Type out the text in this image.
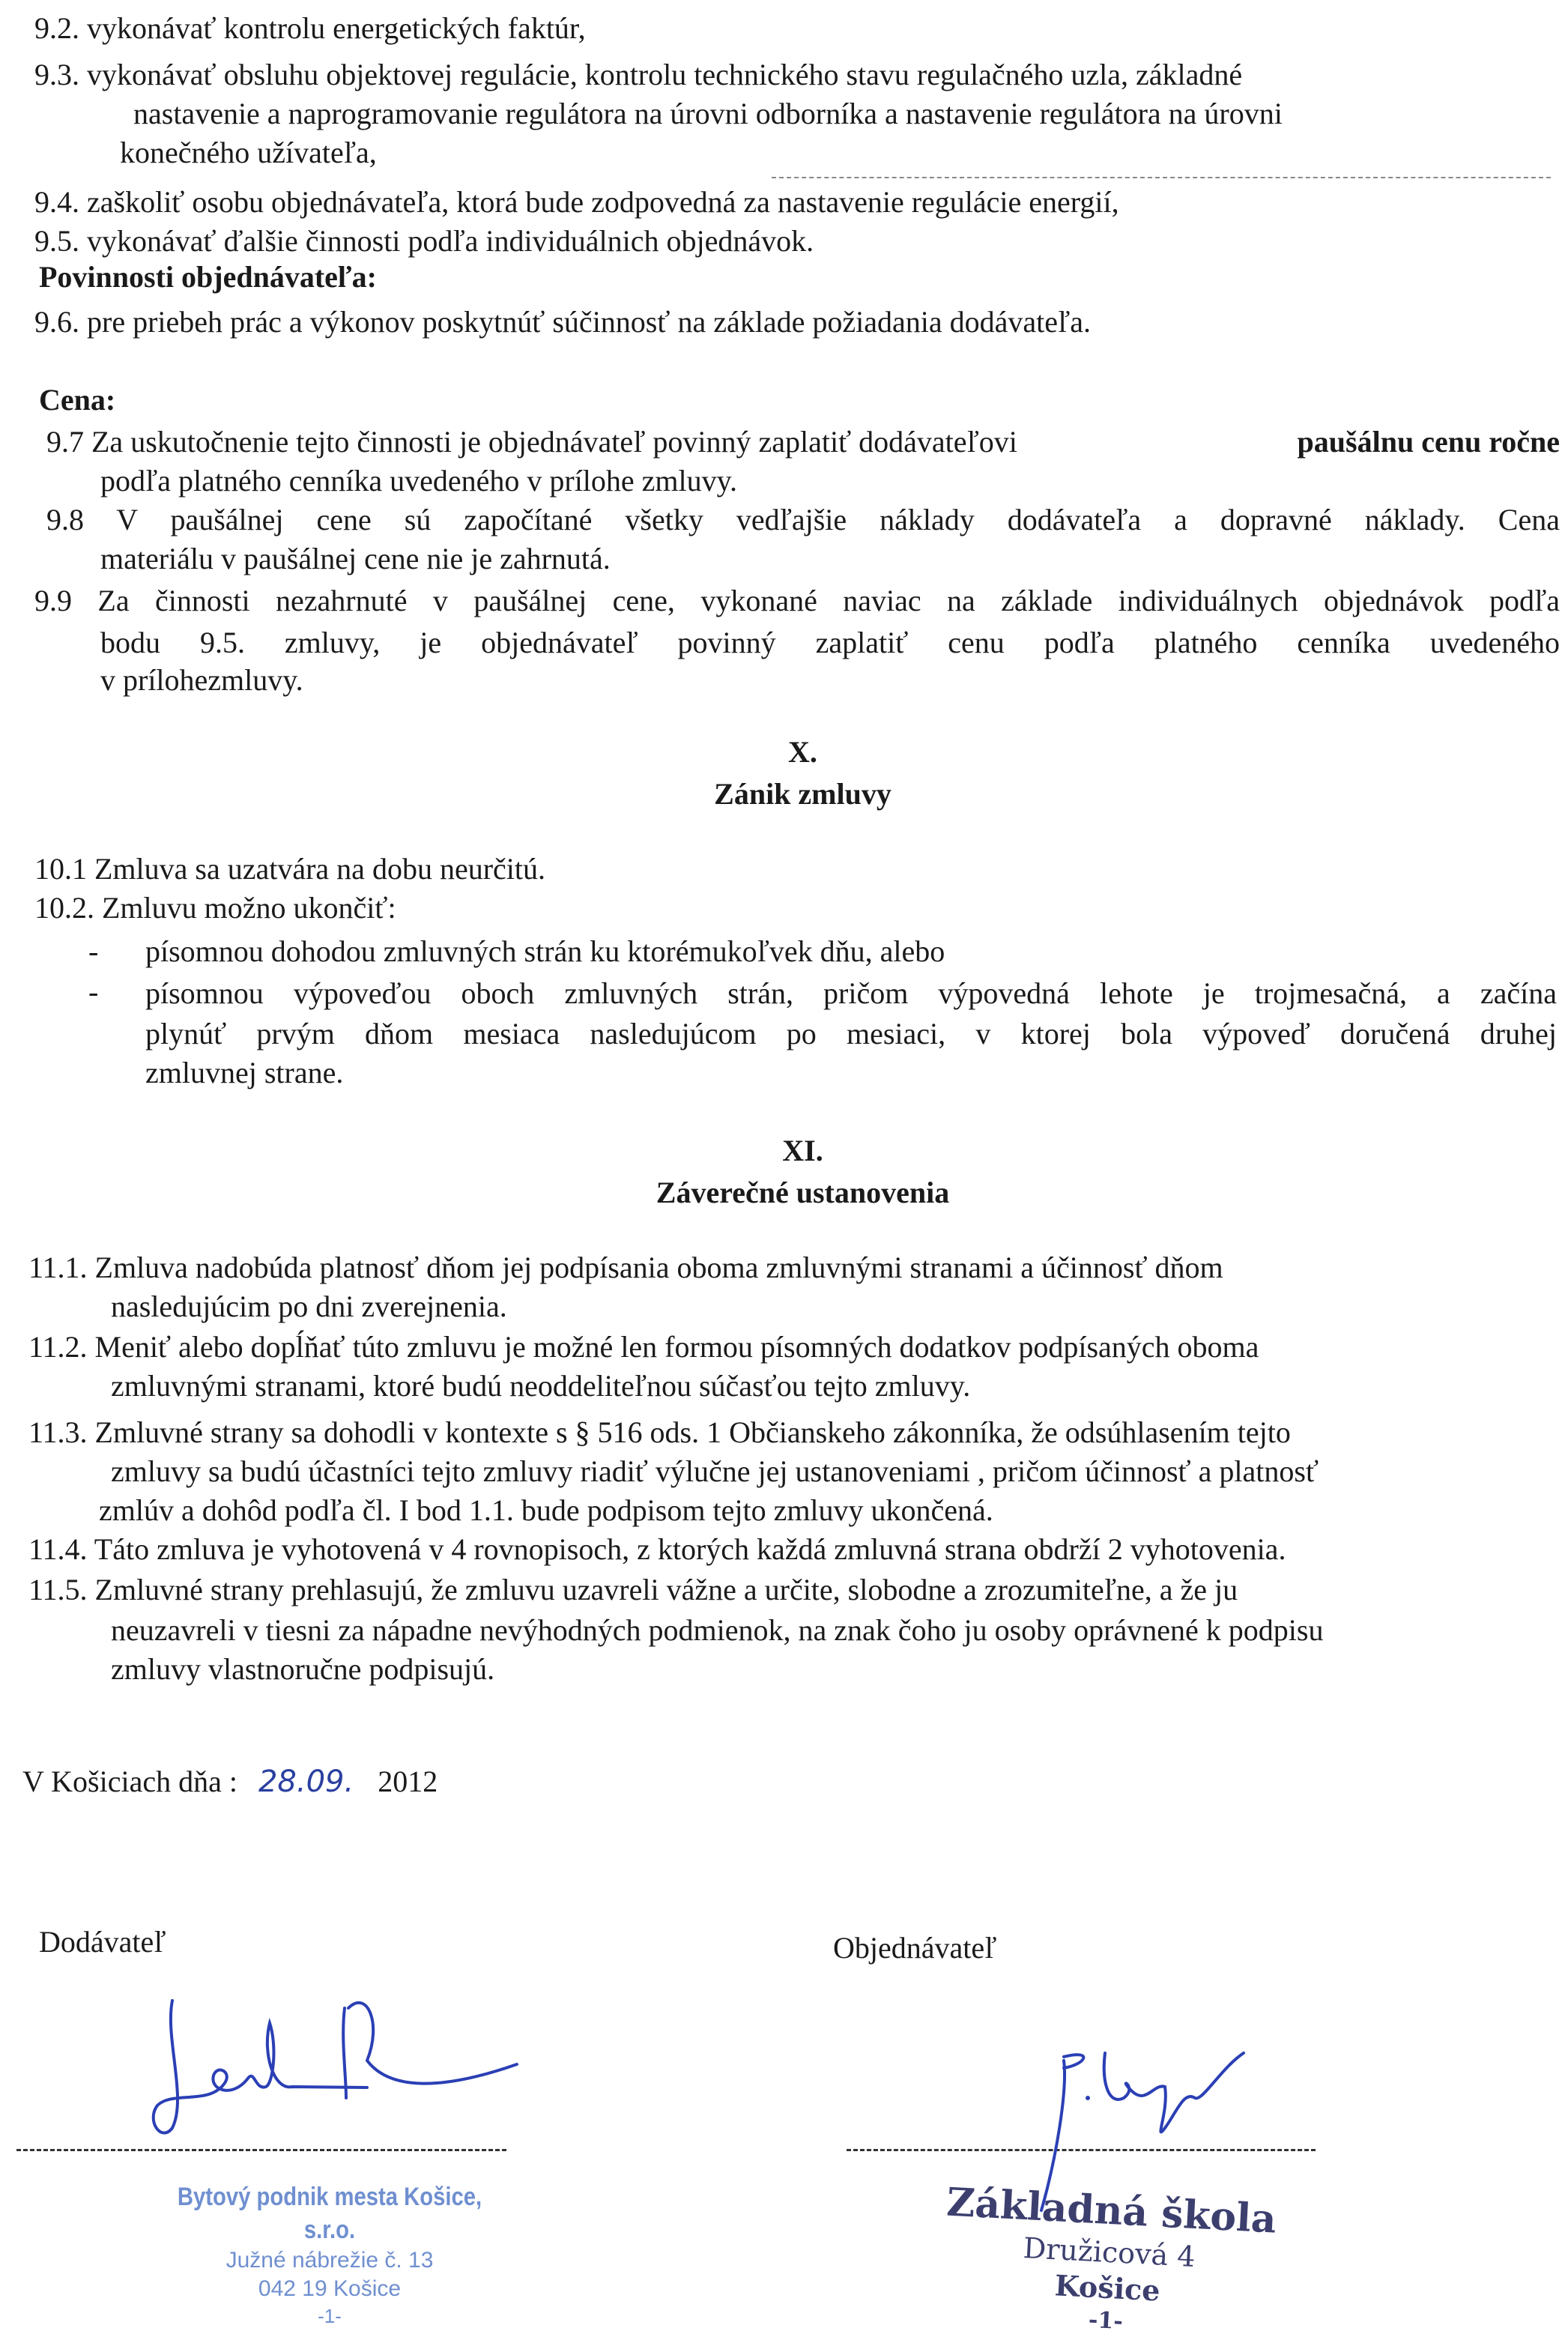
9.2. vykonávať kontrolu energetických faktúr,
9.3. vykonávať obsluhu objektovej regulácie, kontrolu technického stavu regulačného uzla, základné
nastavenie a naprogramovanie regulátora na úrovni odborníka a nastavenie regulátora na úrovni
konečného užívateľa,
9.4. zaškoliť osobu objednávateľa, ktorá bude zodpovedná za nastavenie regulácie energií,
9.5. vykonávať ďalšie činnosti podľa individuálnich objednávok.
Povinnosti objednávateľa:
9.6. pre priebeh prác a výkonov poskytnúť súčinnosť na základe požiadania dodávateľa.
Cena:
9.7 Za uskutočnenie tejto činnosti je objednávateľ povinný zaplatiť dodávateľovi	paušálnu cenu ročne
podľa platného cenníka uvedeného v prílohe zmluvy.
9.8 V paušálnej cene sú započítané všetky vedľajšie náklady dodávateľa a dopravné náklady. Cena
materiálu v paušálnej cene nie je zahrnutá.
9.9 Za činnosti nezahrnuté v paušálnej cene, vykonané naviac na základe individuálnych objednávok podľa
bodu 9.5. zmluvy, je objednávateľ povinný zaplatiť cenu podľa platného cenníka uvedeného
v prílohezmluvy.
X.
Zánik zmluvy
10.1 Zmluva sa uzatvára na dobu neurčitú.
10.2. Zmluvu možno ukončiť:
- písomnou dohodou zmluvných strán ku ktorémukoľvek dňu, alebo
- písomnou výpoveďou oboch zmluvných strán, pričom výpovedná lehote je trojmesačná, a začína
plynúť prvým dňom mesiaca nasledujúcom po mesiaci, v ktorej bola výpoveď doručená druhej
zmluvnej strane.
XI.
Záverečné ustanovenia
11.1. Zmluva nadobúda platnosť dňom jej podpísania oboma zmluvnými stranami a účinnosť dňom
nasledujúcim po dni zverejnenia.
11.2. Meniť alebo dopĺňať túto zmluvu je možné len formou písomných dodatkov podpísaných oboma
zmluvnými stranami, ktoré budú neoddeliteľnou súčasťou tejto zmluvy.
11.3. Zmluvné strany sa dohodli v kontexte s § 516 ods. 1 Občianskeho zákonníka, že odsúhlasením tejto
zmluvy sa budú účastníci tejto zmluvy riadiť výlučne jej ustanoveniami , pričom účinnosť a platnosť
zmlúv a dohôd podľa čl. I bod 1.1. bude podpisom tejto zmluvy ukončená.
11.4. Táto zmluva je vyhotovená v 4 rovnopisoch, z ktorých každá zmluvná strana obdrží 2 vyhotovenia.
11.5. Zmluvné strany prehlasujú, že zmluvu uzavreli vážne a určite, slobodne a zrozumiteľne, a že ju
neuzavreli v tiesni za nápadne nevýhodných podmienok, na znak čoho ju osoby oprávnené k podpisu
zmluvy vlastnoručne podpisujú.
V Košiciach dňa : 28.09. 2012
Dodávateľ	Objednávateľ
Bytový podnik mesta Košice, s.r.o.
Južné nábrežie č. 13
042 19 Košice
-1-
Základná škola
Družicová 4
Košice
-1-
